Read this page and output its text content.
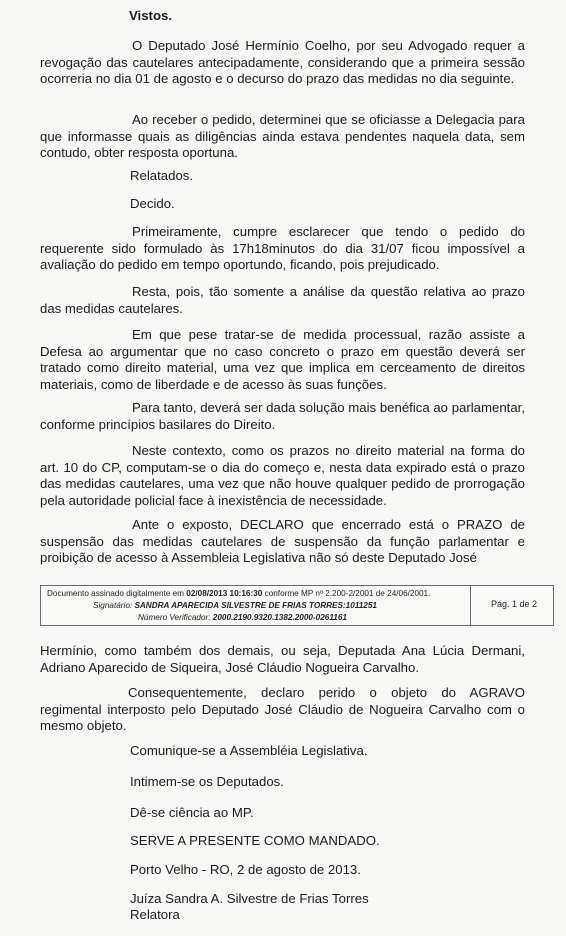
Vistos.

O Deputado José Hermínio Coelho, por seu Advogado requer a revogação das cautelares antecipadamente, considerando que a primeira sessão ocorreria no dia 01 de agosto e o decurso do prazo das medidas no dia seguinte.

Ao receber o pedido, determinei que se oficiasse a Delegacia para que informasse quais as diligências ainda estava pendentes naquela data, sem contudo, obter resposta oportuna.

Relatados.

Decido.

Primeiramente, cumpre esclarecer que tendo o pedido do requerente sido formulado às 17h18minutos do dia 31/07 ficou impossível a avaliação do pedido em tempo oportundo, ficando, pois prejudicado.

Resta, pois, tão somente a análise da questão relativa ao prazo das medidas cautelares.

Em que pese tratar-se de medida processual, razão assiste a Defesa ao argumentar que no caso concreto o prazo em questão deverá ser tratado como direito material, uma vez que implica em cerceamento de direitos materiais, como de liberdade e de acesso às suas funções.

Para tanto, deverá ser dada solução mais benéfica ao parlamentar, conforme princípios basilares do Direito.

Neste contexto, como os prazos no direito material na forma do art. 10 do CP, computam-se o dia do começo e, nesta data expirado está o prazo das medidas cautelares, uma vez que não houve qualquer pedido de prorrogação pela autoridade policial face à inexistência de necessidade.

Ante o exposto, DECLARO que encerrado está o PRAZO de suspensão das medidas cautelares de suspensão da função parlamentar e proibição de acesso à Assembleia Legislativa não só deste Deputado José

Documento assinado digitalmente em 02/08/2013 10:16:30 conforme MP nº 2.200-2/2001 de 24/06/2001.
Signatário: SANDRA APARECIDA SILVESTRE DE FRIAS TORRES:1011251
Número Verificador: 2000.2190.9320.1382.2000-0261161
Pág. 1 de 2

Hermínio, como também dos demais, ou seja, Deputada Ana Lúcia Dermani, Adriano Aparecido de Siqueira, José Cláudio Nogueira Carvalho.

Consequentemente, declaro perido o objeto do AGRAVO regimental interposto pelo Deputado José Cláudio de Nogueira Carvalho com o mesmo objeto.

Comunique-se a Assembléia Legislativa.

Intimem-se os Deputados.

Dê-se ciência ao MP.

SERVE A PRESENTE COMO MANDADO.

Porto Velho - RO, 2 de agosto de 2013.

Juíza Sandra A. Silvestre de Frias Torres

Relatora
